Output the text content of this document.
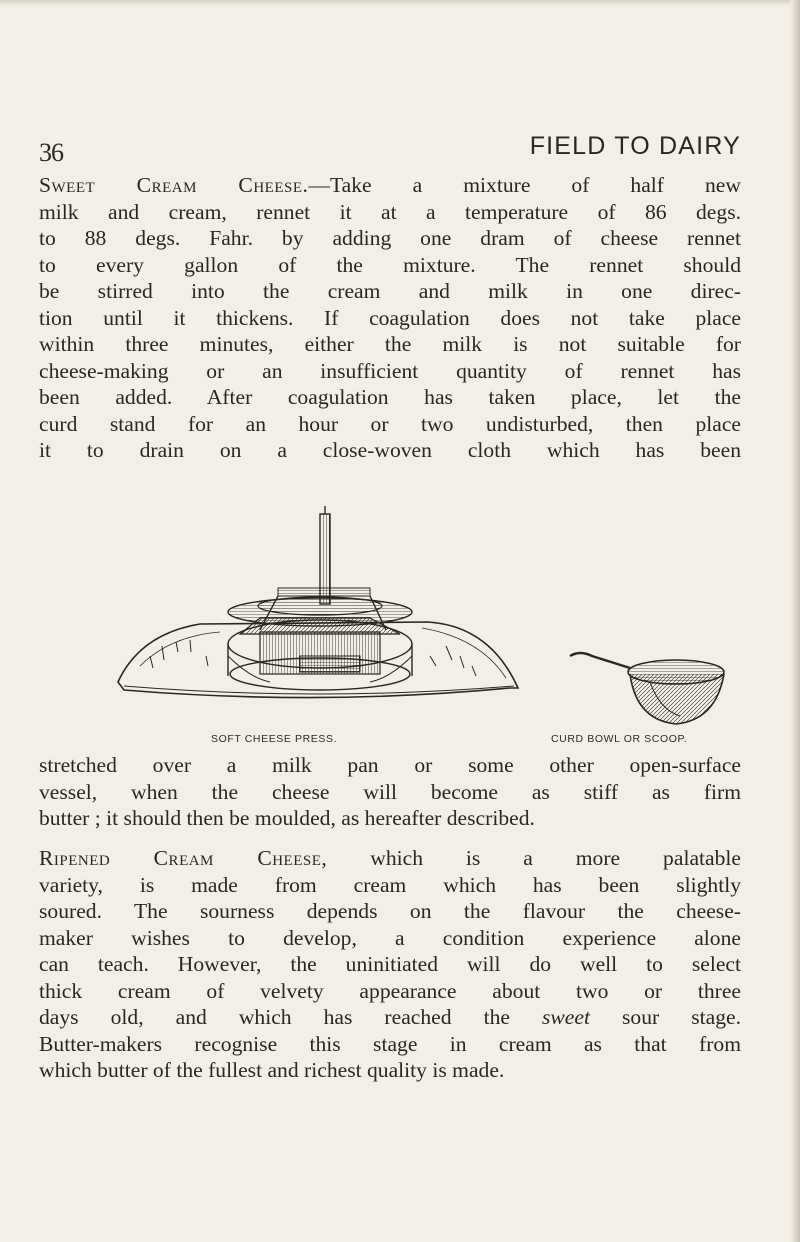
36	FIELD TO DAIRY
Sweet Cream Cheese.—Take a mixture of half new
milk and cream, rennet it at a temperature of 86 degs.
to 88 degs. Fahr. by adding one dram of cheese rennet
to every gallon of the mixture. The rennet should
be stirred into the cream and milk in one direc-
tion until it thickens. If coagulation does not take place
within three minutes, either the milk is not suitable for
cheese-making or an insufficient quantity of rennet has
been added. After coagulation has taken place, let the
curd stand for an hour or two undisturbed, then place
it to drain on a close-woven cloth which has been
SOFT CHEESE PRESS.	CURD BOWL OR SCOOP.
stretched over a milk pan or some other open-surface
vessel, when the cheese will become as stiff as firm
butter ; it should then be moulded, as hereafter described.
Ripened Cream Cheese, which is a more palatable
variety, is made from cream which has been slightly
soured. The sourness depends on the flavour the cheese-
maker wishes to develop, a condition experience alone
can teach. However, the uninitiated will do well to select
thick cream of velvety appearance about two or three
days old, and which has reached the sweet sour stage.
Butter-makers recognise this stage in cream as that from
which butter of the fullest and richest quality is made.
